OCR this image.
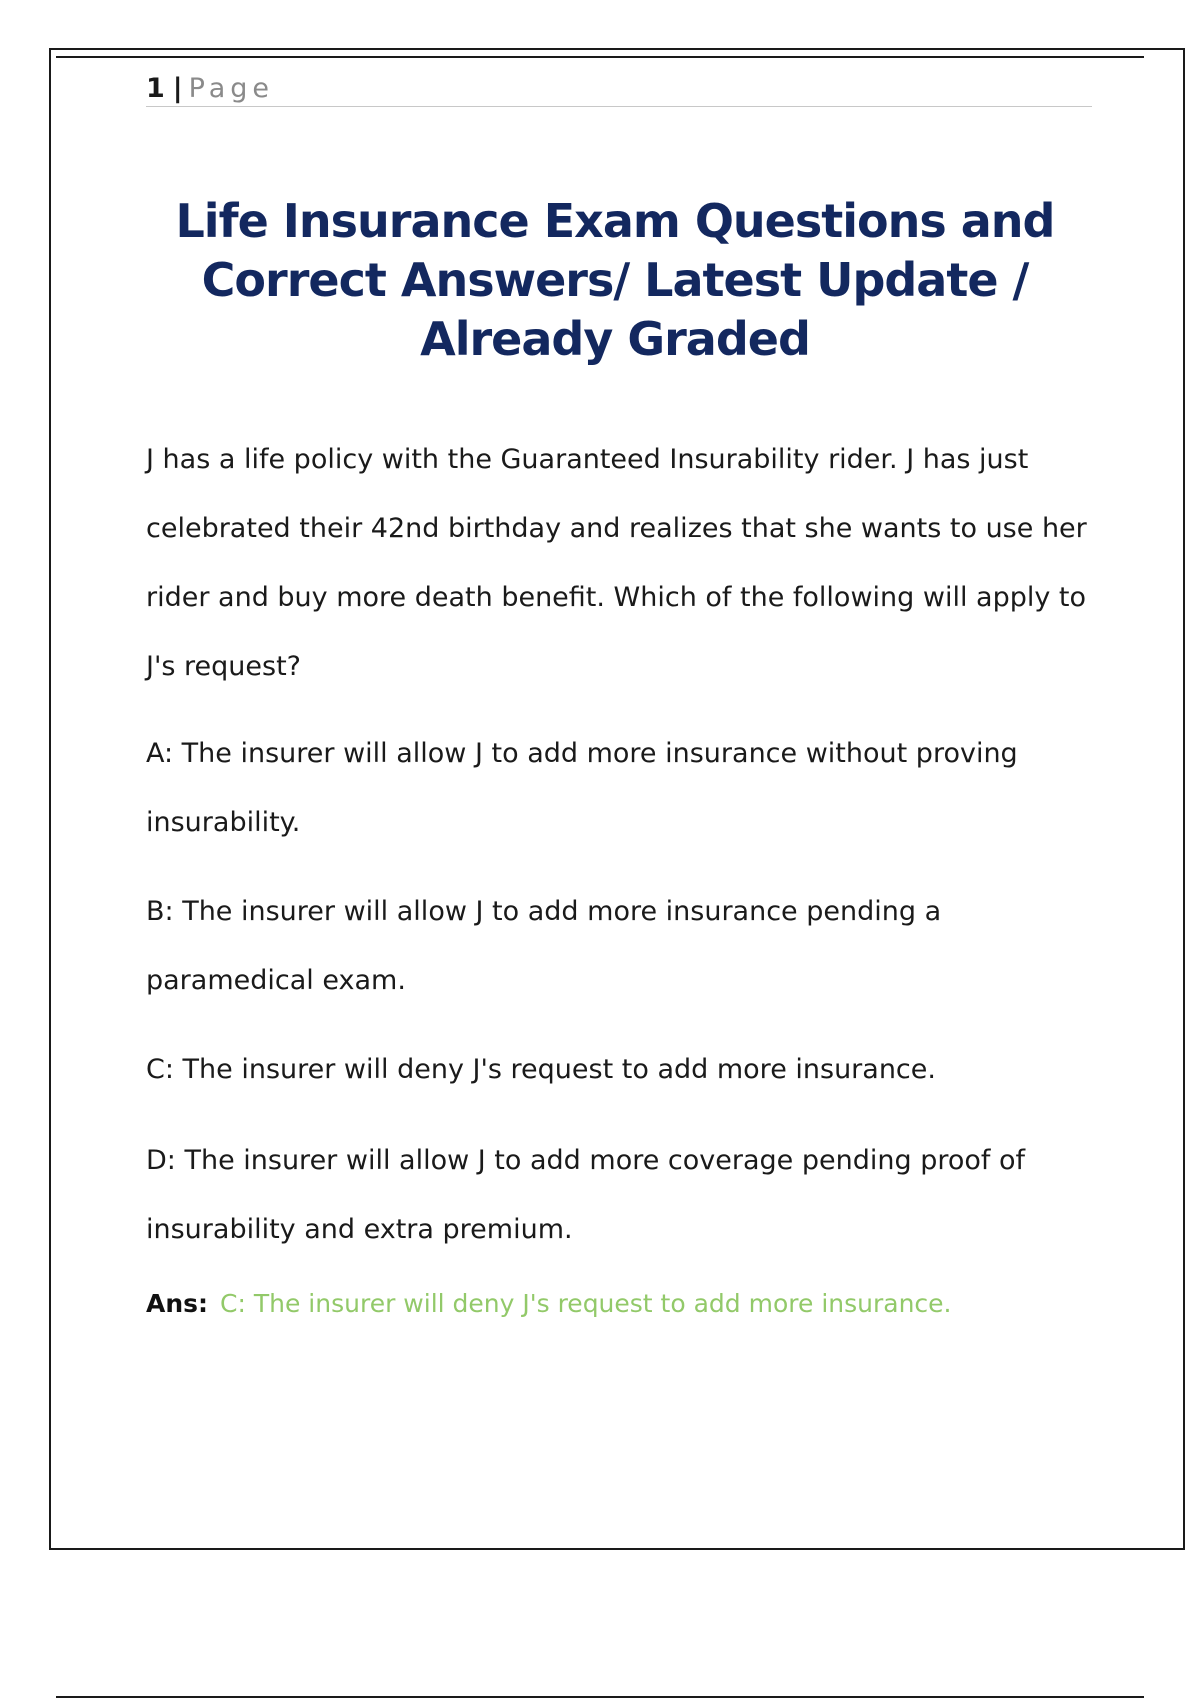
1 | Page
Life Insurance Exam Questions and Correct Answers/ Latest Update / Already Graded

J has a life policy with the Guaranteed Insurability rider. J has just celebrated their 42nd birthday and realizes that she wants to use her rider and buy more death benefit. Which of the following will apply to J's request?

A: The insurer will allow J to add more insurance without proving insurability.

B: The insurer will allow J to add more insurance pending a paramedical exam.

C: The insurer will deny J's request to add more insurance.

D: The insurer will allow J to add more coverage pending proof of insurability and extra premium.

Ans: C: The insurer will deny J's request to add more insurance.
